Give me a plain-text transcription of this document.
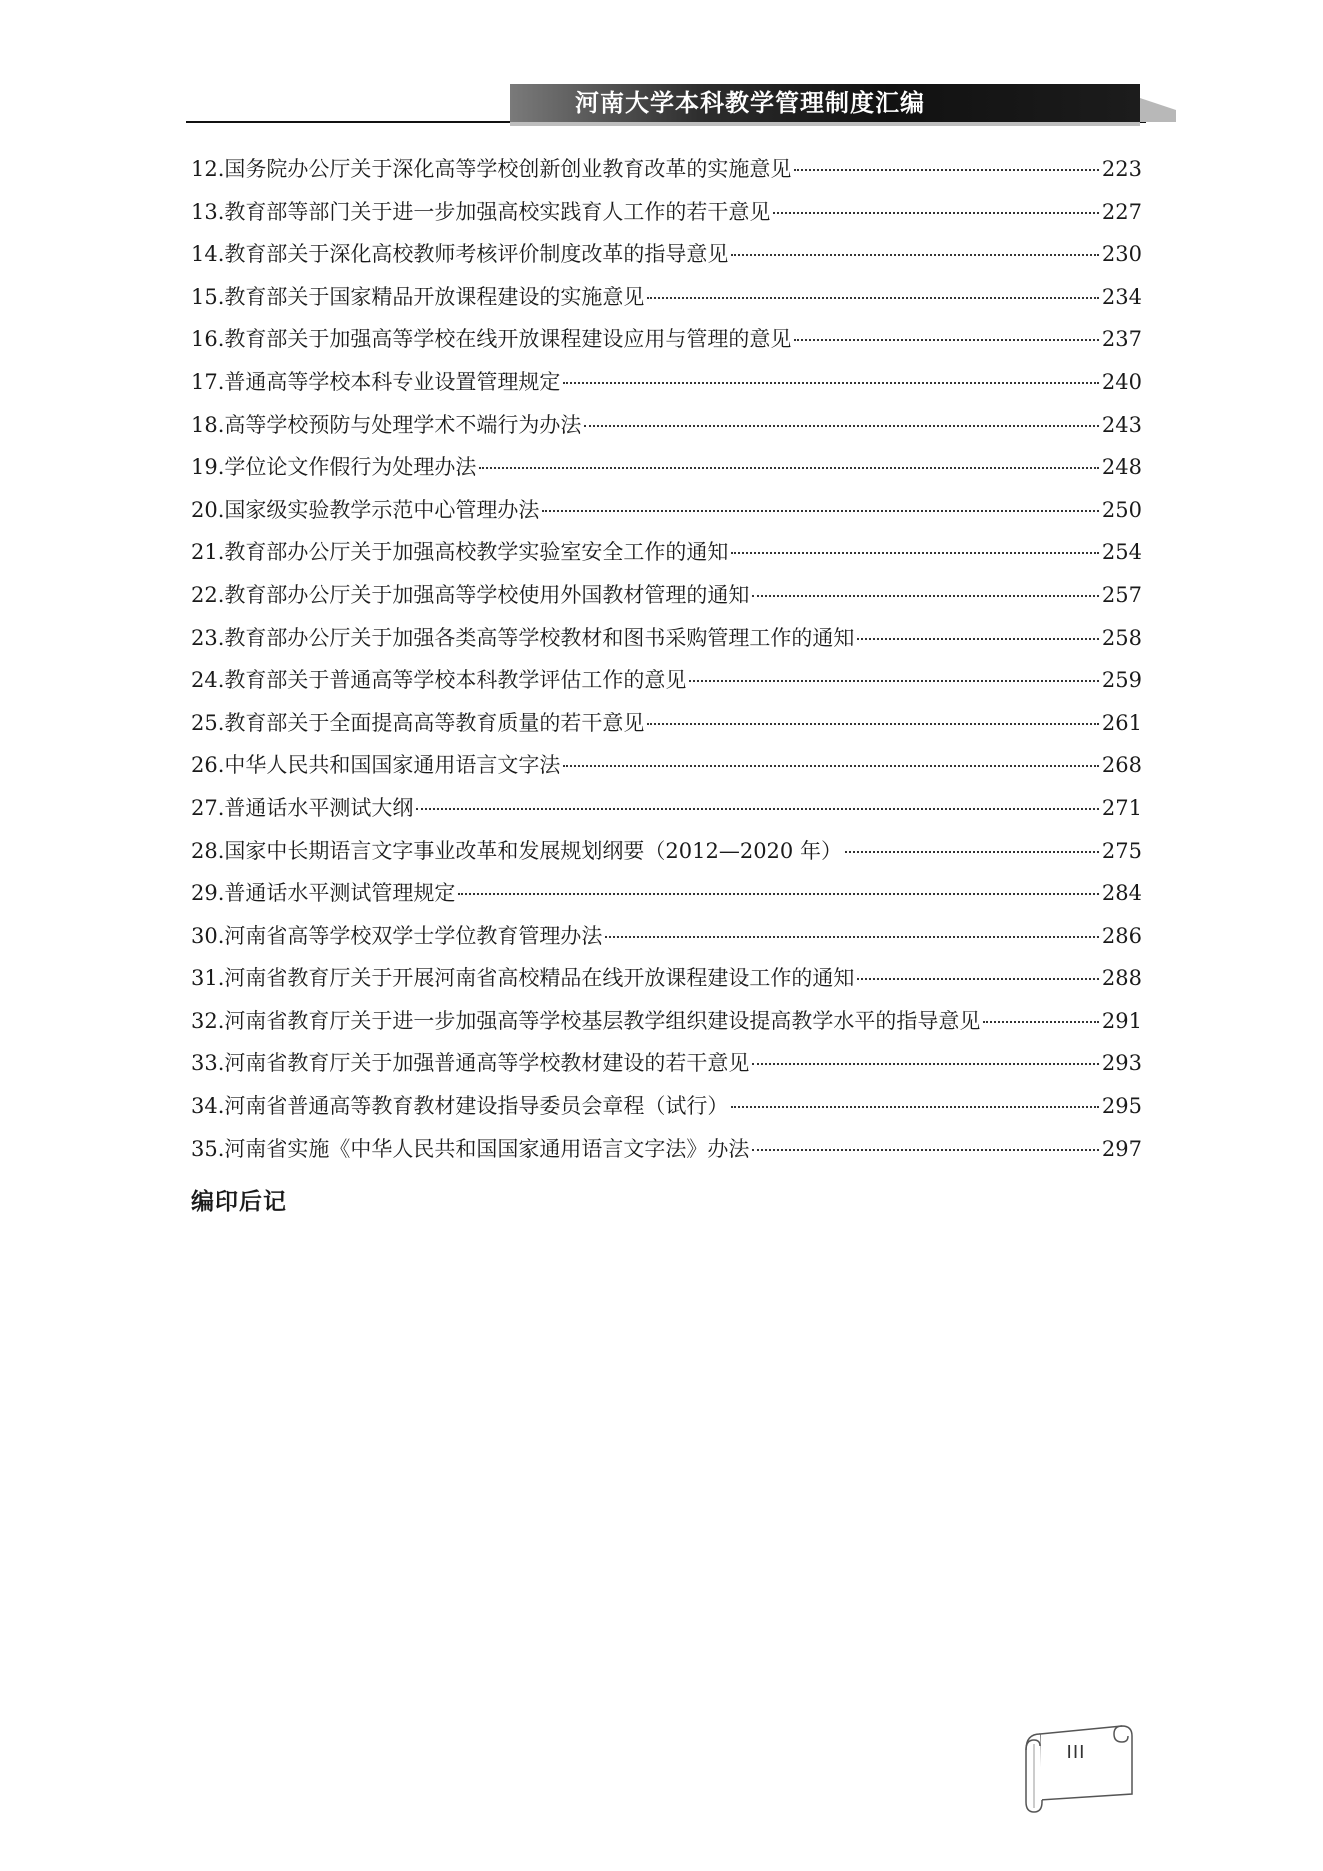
河南大学本科教学管理制度汇编
12.国务院办公厅关于深化高等学校创新创业教育改革的实施意见	223
13.教育部等部门关于进一步加强高校实践育人工作的若干意见	227
14.教育部关于深化高校教师考核评价制度改革的指导意见	230
15.教育部关于国家精品开放课程建设的实施意见	234
16.教育部关于加强高等学校在线开放课程建设应用与管理的意见	237
17.普通高等学校本科专业设置管理规定	240
18.高等学校预防与处理学术不端行为办法	243
19.学位论文作假行为处理办法	248
20.国家级实验教学示范中心管理办法	250
21.教育部办公厅关于加强高校教学实验室安全工作的通知	254
22.教育部办公厅关于加强高等学校使用外国教材管理的通知	257
23.教育部办公厅关于加强各类高等学校教材和图书采购管理工作的通知	258
24.教育部关于普通高等学校本科教学评估工作的意见	259
25.教育部关于全面提高高等教育质量的若干意见	261
26.中华人民共和国国家通用语言文字法	268
27.普通话水平测试大纲	271
28.国家中长期语言文字事业改革和发展规划纲要（2012—2020 年）	275
29.普通话水平测试管理规定	284
30.河南省高等学校双学士学位教育管理办法	286
31.河南省教育厅关于开展河南省高校精品在线开放课程建设工作的通知	288
32.河南省教育厅关于进一步加强高等学校基层教学组织建设提高教学水平的指导意见	291
33.河南省教育厅关于加强普通高等学校教材建设的若干意见	293
34.河南省普通高等教育教材建设指导委员会章程（试行）	295
35.河南省实施《中华人民共和国国家通用语言文字法》办法	297
编印后记
III
